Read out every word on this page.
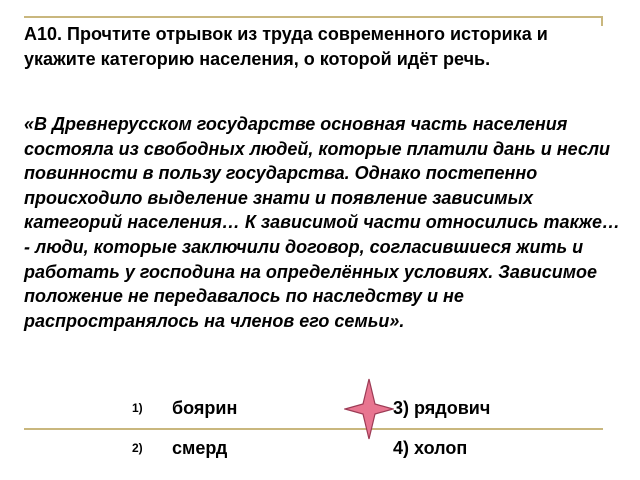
А10. Прочтите отрывок из труда современного историка и укажите категорию населения, о которой идёт речь.

«В Древнерусском государстве основная часть населения состояла из свободных людей, которые платили дань и несли повинности в пользу государства. Однако постепенно происходило выделение знати и появление зависимых категорий населения… К зависимой части относились также… - люди, которые заключили договор, согласившиеся жить и работать у господина на определённых условиях. Зависимое положение не передавалось по наследству и не распространялось на членов его семьи».

1) боярин
2) смерд
3) рядович
4) холоп
